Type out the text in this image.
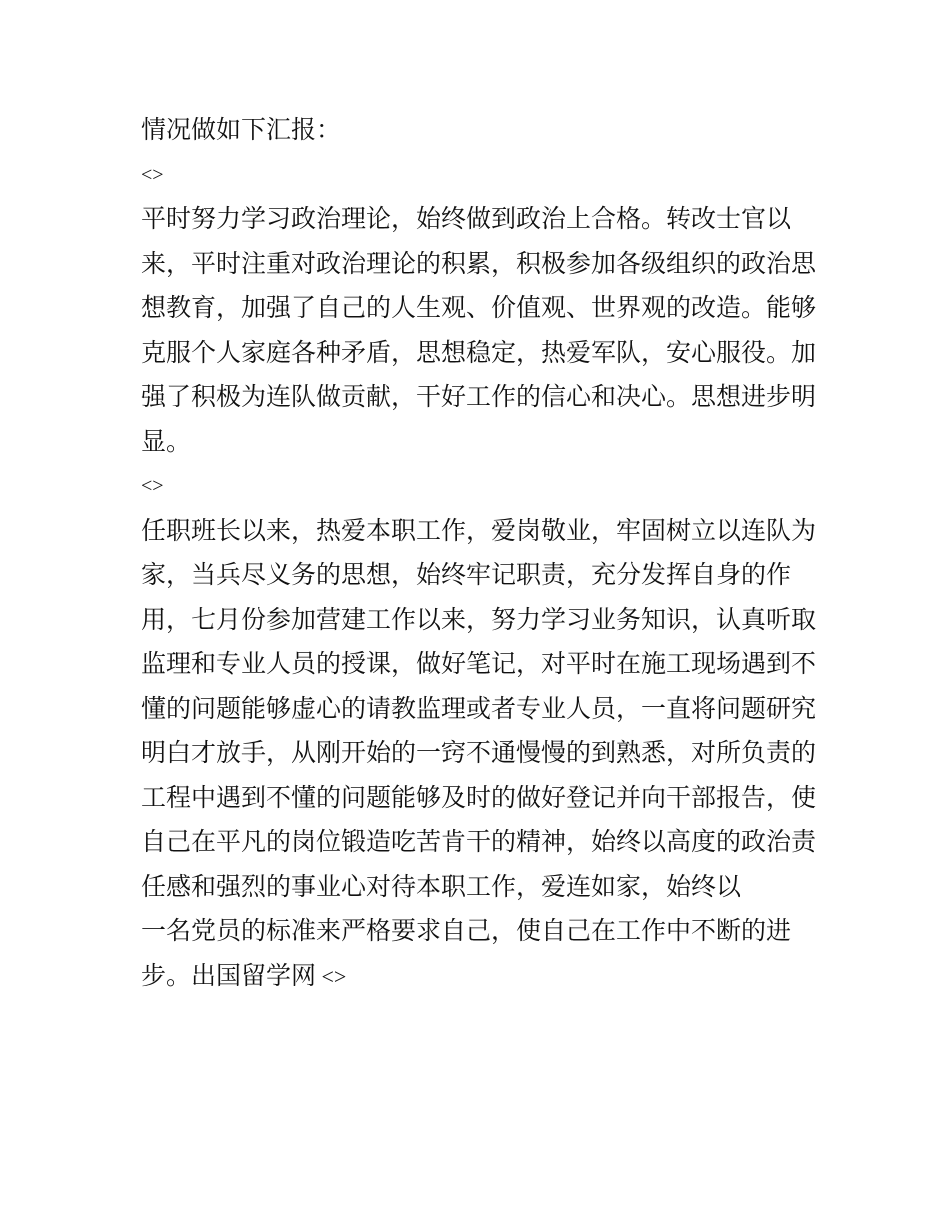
情况做如下汇报：
<>
平时努力学习政治理论，始终做到政治上合格。转改士官以
来，平时注重对政治理论的积累，积极参加各级组织的政治思
想教育，加强了自己的人生观、价值观、世界观的改造。能够
克服个人家庭各种矛盾，思想稳定，热爱军队，安心服役。加
强了积极为连队做贡献，干好工作的信心和决心。思想进步明
显。
<>
任职班长以来，热爱本职工作，爱岗敬业，牢固树立以连队为
家，当兵尽义务的思想，始终牢记职责，充分发挥自身的作
用，七月份参加营建工作以来，努力学习业务知识，认真听取
监理和专业人员的授课，做好笔记，对平时在施工现场遇到不
懂的问题能够虚心的请教监理或者专业人员，一直将问题研究
明白才放手，从刚开始的一窍不通慢慢的到熟悉，对所负责的
工程中遇到不懂的问题能够及时的做好登记并向干部报告，使
自己在平凡的岗位锻造吃苦肯干的精神，始终以高度的政治责
任感和强烈的事业心对待本职工作，爱连如家，始终以
一名党员的标准来严格要求自己，使自己在工作中不断的进
步。出国留学网 <>
